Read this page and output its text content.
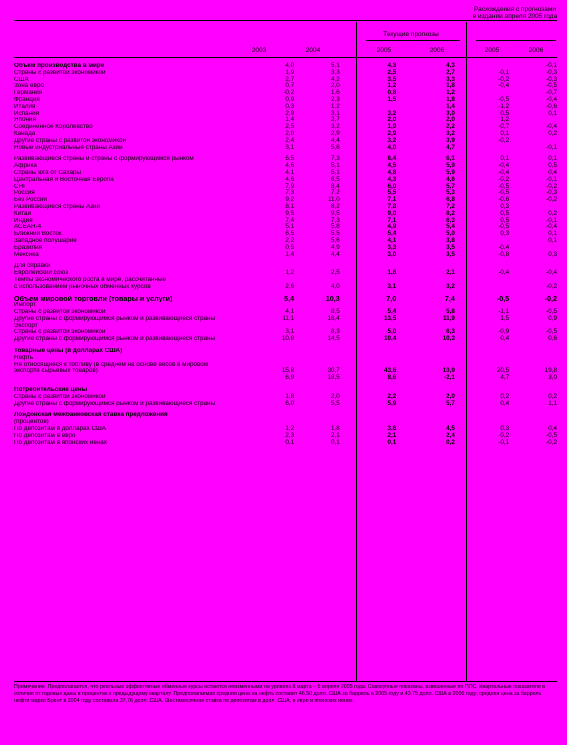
Текущие прогнозы
Расхождения с прогнозами в издании апреля 2005 года
2003	2004	2005	2006	2005	2006
Объем производства в мире	4,0	5,1	4,3	4,3		-0,1
Страны с развитой экономикой	1,9	3,3	2,5	2,7	-0,1	-0,3
США	2,7	4,2	3,5	3,3	-0,2	-0,3
Зона евро	0,7	2,0	1,2	1,8	-0,4	-0,5
Германия	-0,2	1,6	0,8	1,2		-0,7
Франция	0,9	2,3	1,5	1,8	-0,5	-0,4
Италия	0,3	1,2		1,4	-1,2	-0,6
Испания	2,9	3,1	3,2	3,0	0,5	0,1
Япония	1,4	2,7	2,0	2,0	1,2	
Соединенное Королевство	2,5	3,2	1,9	2,2	-0,7	-0,4
Канада	2,0	2,9	2,9	3,2	0,1	0,2
Другие страны с развитой экономикой	2,4	4,4	3,2	3,9	-0,2	
Новые индустриальные страны Азии	3,1	5,6	4,0	4,7		-0,1

Развивающиеся страны и страны с формирующимся рынком	6,5	7,3	6,4	6,1	0,1	0,1
Африка	4,6	5,1	4,5	5,9	-0,4	0,5
Страны юга от Сахары	4,1	5,1	4,8	5,9	-0,4	0,4
Центральная и Восточная Европа	4,6	6,5	4,3	4,6	-0,2	-0,1
СНГ	7,9	8,4	6,0	5,7	-0,5	-0,2
Россия	7,3	7,2	5,5	5,3	-0,5	-0,3
Без России	9,2	11,0	7,1	6,8	-0,6	-0,2
Развивающиеся страны Азии	8,1	8,2	7,8	7,2	0,3	
Китай	9,5	9,5	9,0	8,2	0,5	0,2
Индия	7,4	7,3	7,1	6,3	0,5	-0,1
АСЕАН-4	5,1	5,8	4,9	5,4	-0,5	-0,4
Ближний Восток	6,5	5,5	5,4	5,0	0,3	0,1
Западное полушарие	2,2	5,6	4,1	3,8		0,1
Бразилия	0,5	4,9	3,3	3,5	-0,4	
Мексика	1,4	4,4	3,0	3,5	-0,8	0,3

Для справки						
Европейский союз	1,2	2,5	1,6	2,1	-0,4	-0,4
Темпы экономического роста в мире, рассчитанные						
с использованием рыночных обменных курсов	2,6	4,0	3,1	3,2		-0,2

Объем мировой торговли (товары и услуги)	5,4	10,3	7,0	7,4	-0,5	-0,2
Импорт						
Страны с развитой экономикой	4,1	8,5	5,4	5,8	-1,1	-0,5
Другие страны с формирующимся рынком и развивающиеся страны	11,1	16,4	13,5	11,9	1,5	0,9
Экспорт						
Страны с развитой экономикой	3,1	8,3	5,0	6,3	-0,9	-0,5
Другие страны с формирующимся рынком и развивающиеся страны	10,8	14,5	10,4	10,3	0,4	0,6

Товарные цены (в долларах США)						
Нефть						
Не относящиеся к топливу (в среднем на основе весов в мировом						
экспорте сырьевых товаров)	15,8	30,7	43,6	13,9	20,5	19,8
	6,9	18,5	8,6	-2,1	4,7	3,0

Потребительские цены						
Страны с развитой экономикой	1,8	2,0	2,2	2,0	0,2	0,2
Другие страны с формирующимся рынком и развивающиеся страны	6,0	5,5	5,9	5,7	0,4	1,1

Лондонская межбанковская ставка предложения						
(процентов)						
По депозитам в долларах США	1,2	1,8	3,6	4,5	0,3	0,4
По депозитам в евро	2,3	2,1	2,1	2,4	-0,2	-0,5
По депозитам в японских иенах	0,1	0,1	0,1	0,2	-0,1	-0,2
Примечание. Предполагается, что реальные эффективные обменные курсы остаются неизменными на уровнях 8 марта – 5 апреля 2005 года. Совокупные показаны, взвешенные по ППС. Квартальные показатели в отличие от годовых даны в процентах к предыдущему кварталу. Предполагаемая средняя цена на нефть составит 46,50 долл. США за баррель в 2005 году и 43,75 долл. США в 2006 году; средняя цена за баррель нефти марки Брент в 2004 году составила 37,76 долл. США. Шестимесячная ставка по депозитам в долл. США, в евро и японских иенах.
